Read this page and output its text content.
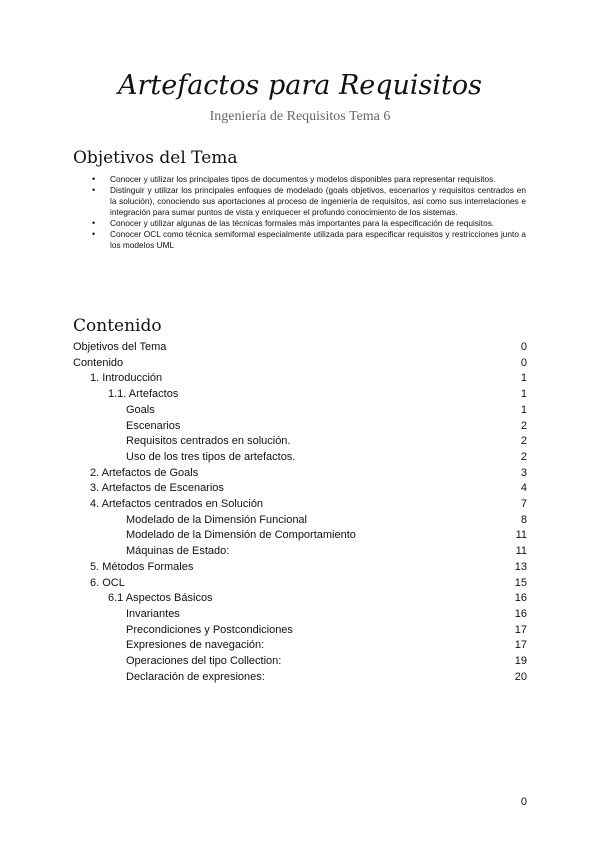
Artefactos para Requisitos
Ingeniería de Requisitos Tema 6
Objetivos del Tema
• Conocer y utilizar los principales tipos de documentos y modelos disponibles para representar requisitos.
• Distinguir y utilizar los principales enfoques de modelado (goals objetivos, escenarios y requisitos centrados en la solución), conociendo sus aportaciones al proceso de ingeniería de requisitos, así como sus interrelaciones e integración para sumar puntos de vista y enriquecer el profundo conocimiento de los sistemas.
• Conocer y utilizar algunas de las técnicas formales más importantes para la especificación de requisitos.
• Conocer OCL como técnica semiformal especialmente utilizada para especificar requisitos y restricciones junto a los modelos UML
Contenido
Objetivos del Tema	0
Contenido	0
1. Introducción	1
1.1. Artefactos	1
Goals	1
Escenarios	2
Requisitos centrados en solución.	2
Uso de los tres tipos de artefactos.	2
2. Artefactos de Goals	3
3. Artefactos de Escenarios	4
4. Artefactos centrados en Solución	7
Modelado de la Dimensión Funcional	8
Modelado de la Dimensión de Comportamiento	11
Máquinas de Estado:	11
5. Métodos Formales	13
6. OCL	15
6.1 Aspectos Básicos	16
Invariantes	16
Precondiciones y Postcondiciones	17
Expresiones de navegación:	17
Operaciones del tipo Collection:	19
Declaración de expresiones:	20
0
